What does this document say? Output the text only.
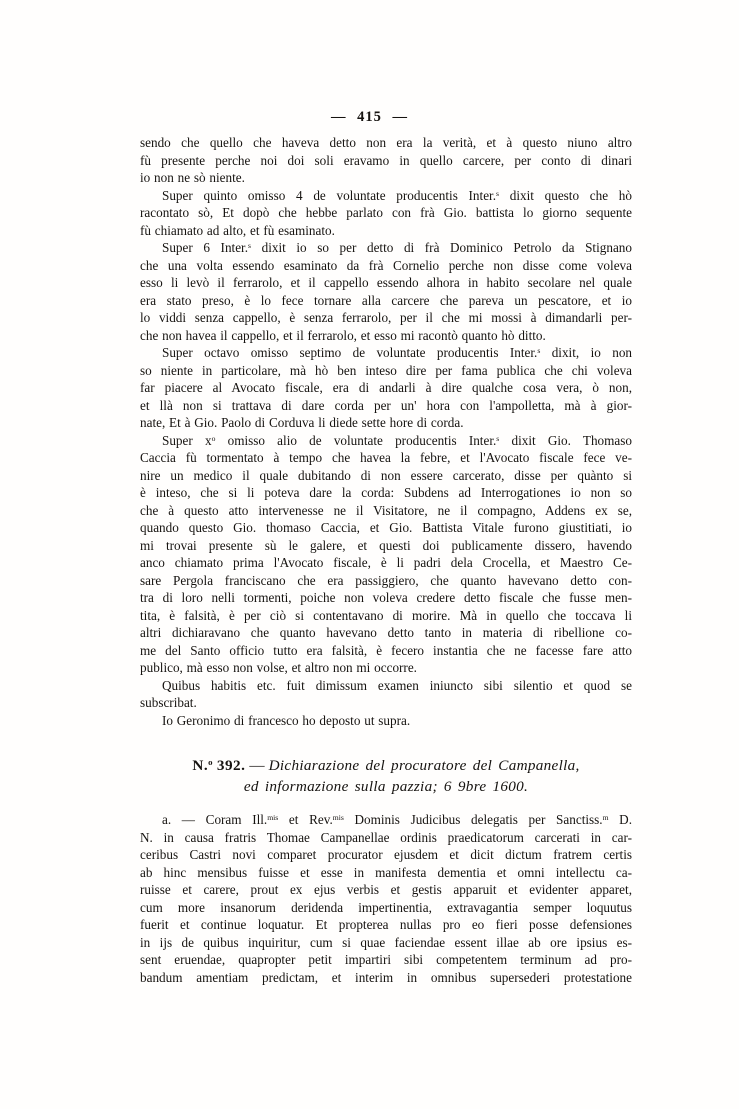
— 415 —

sendo che quello che haveva detto non era la verità, et à questo niuno altro
fù presente perche noi doi soli eravamo in quello carcere, per conto di dinari
io non ne sò niente.

Super quinto omisso 4 de voluntate producentis Inter.$^s$ dixit questo che hò
racontato sò, Et dopò che hebbe parlato con frà Gio. battista lo giorno sequente
fù chiamato ad alto, et fù esaminato.

Super 6 Inter.$^s$ dixit io so per detto di frà Dominico Petrolo da Stignano
che una volta essendo esaminato da frà Cornelio perche non disse come voleva
esso li levò il ferrarolo, et il cappello essendo alhora in habito secolare nel quale
era stato preso, è lo fece tornare alla carcere che pareva un pescatore, et io
lo viddi senza cappello, è senza ferrarolo, per il che mi mossi à dimandarli per-
che non havea il cappello, et il ferrarolo, et esso mi racontò quanto hò ditto.

Super octavo omisso septimo de voluntate producentis Inter.$^s$ dixit, io non
so niente in particolare, mà hò ben inteso dire per fama publica che chi voleva
far piacere al Avocato fiscale, era di andarli à dire qualche cosa vera, ò non,
et llà non si trattava di dare corda per un' hora con l'ampolletta, mà à gior-
nate, Et à Gio. Paolo di Corduva li diede sette hore di corda.

Super $x^o$ omisso alio de voluntate producentis Inter.$^s$ dixit Gio. Thomaso
Caccia fù tormentato à tempo che havea la febre, et l'Avocato fiscale fece ve-
nire un medico il quale dubitando di non essere carcerato, disse per quànto si
è inteso, che si li poteva dare la corda: Subdens ad Interrogationes io non so
che à questo atto intervenesse ne il Visitatore, ne il compagno, Addens ex se,
quando questo Gio. thomaso Caccia, et Gio. Battista Vitale furono giustitiati, io
mi trovai presente sù le galere, et questi doi publicamente dissero, havendo
anco chiamato prima l'Avocato fiscale, è li padri dela Crocella, et Maestro Ce-
sare Pergola franciscano che era passiggiero, che quanto havevano detto con-
tra di loro nelli tormenti, poiche non voleva credere detto fiscale che fusse men-
tita, è falsità, è per ciò si contentavano di morire. Mà in quello che toccava li
altri dichiaravano che quanto havevano detto tanto in materia di ribellione co-
me del Santo officio tutto era falsità, è fecero instantia che ne facesse fare atto
publico, mà esso non volse, et altro non mi occorre.

Quibus habitis etc. fuit dimissum examen iniuncto sibi silentio et quod se
subscribat.

Io Geronimo di francesco ho deposto ut supra.

N.$^o$ 392. — Dichiarazione del procuratore del Campanella,
ed informazione sulla pazzia; 6 9bre 1600.

a. — Coram Ill.$^{mis}$ et Rev.$^{mis}$ Dominis Judicibus delegatis per Sanctiss.$^m$ D.
N. in causa fratris Thomae Campanellae ordinis praedicatorum carcerati in car-
ceribus Castri novi comparet procurator ejusdem et dicit dictum fratrem certis
ab hinc mensibus fuisse et esse in manifesta dementia et omni intellectu ca-
ruisse et carere, prout ex ejus verbis et gestis apparuit et evidenter apparet,
cum more insanorum deridenda impertinentia, extravagantia semper loquutus
fuerit et continue loquatur. Et propterea nullas pro eo fieri posse defensiones
in ijs de quibus inquiritur, cum si quae faciendae essent illae ab ore ipsius es-
sent eruendae, quapropter petit impartiri sibi competentem terminum ad pro-
bandum amentiam predictam, et interim in omnibus supersederi protestatione
